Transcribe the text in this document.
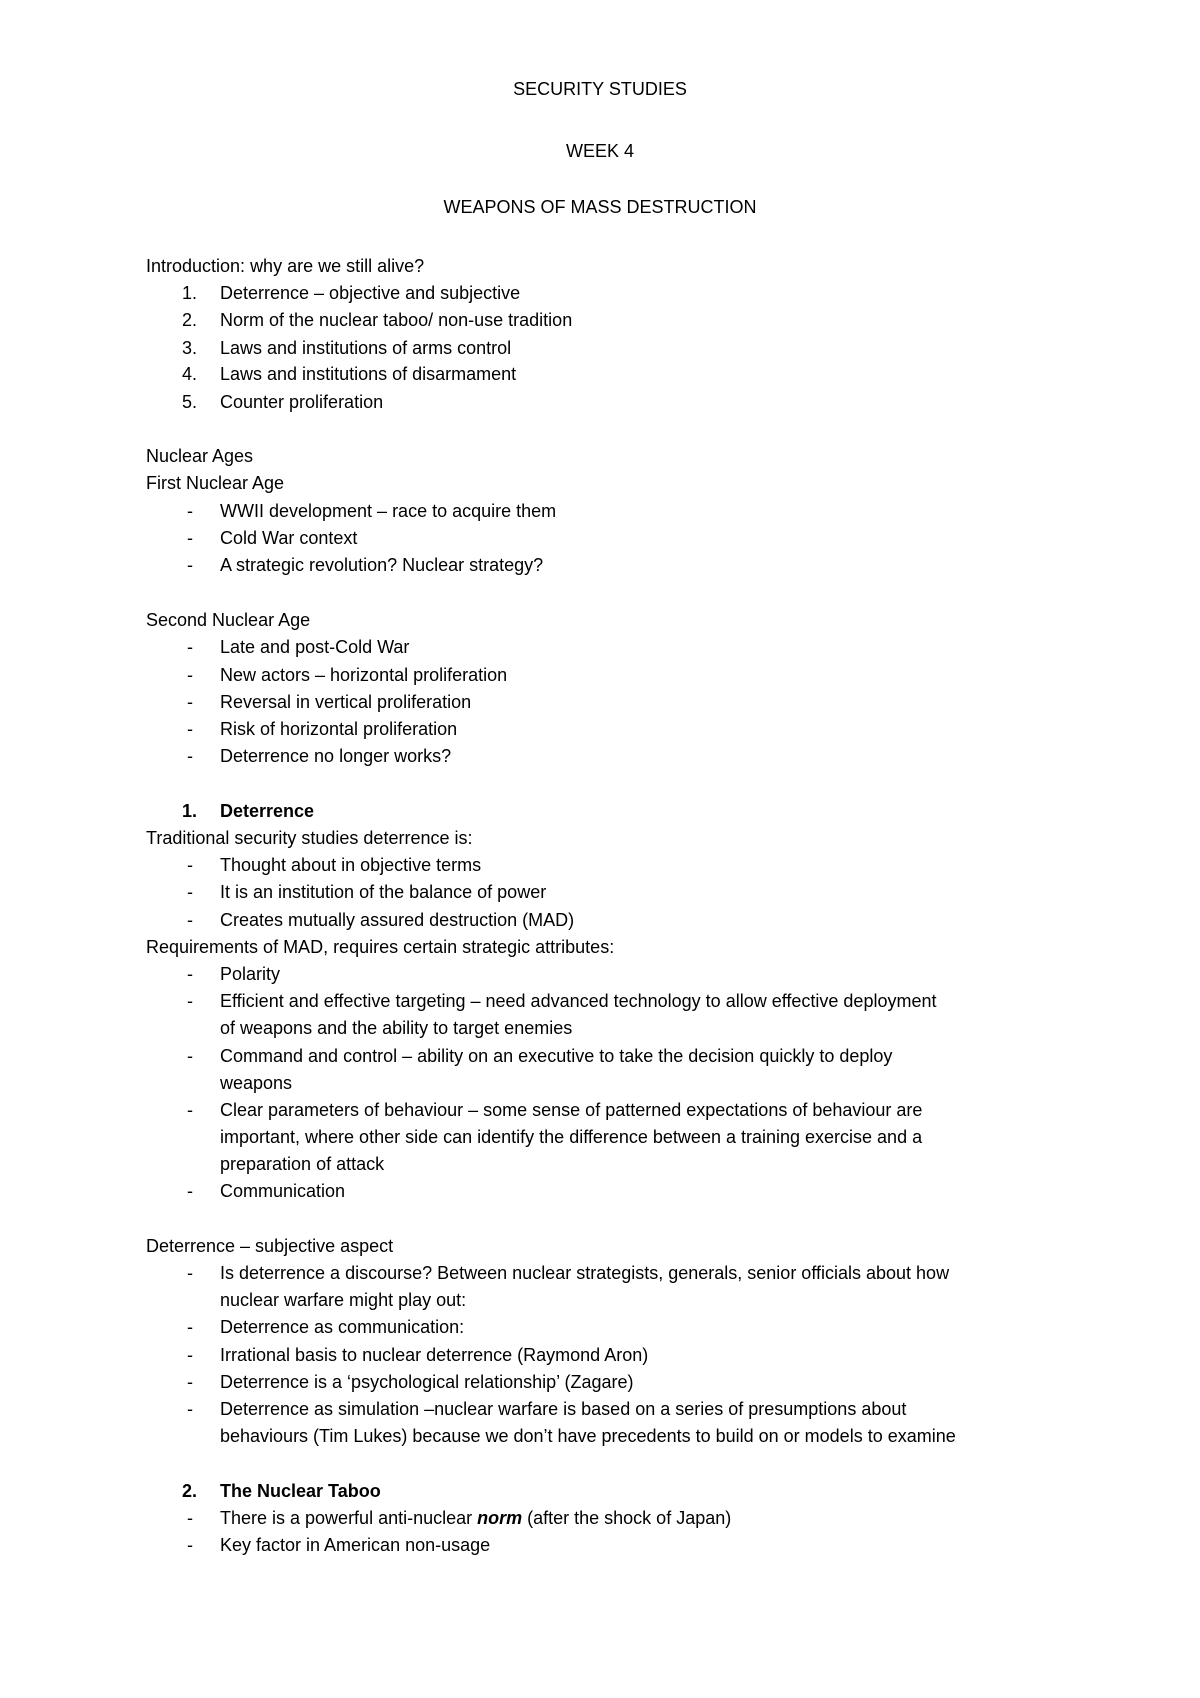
SECURITY STUDIES
WEEK 4
WEAPONS OF MASS DESTRUCTION
Introduction: why are we still alive?
1.	Deterrence – objective and subjective
2.	Norm of the nuclear taboo/ non-use tradition
3.	Laws and institutions of arms control
4.	Laws and institutions of disarmament
5.	Counter proliferation
Nuclear Ages
First Nuclear Age
-	WWII development – race to acquire them
-	Cold War context
-	A strategic revolution? Nuclear strategy?
Second Nuclear Age
-	Late and post-Cold War
-	New actors – horizontal proliferation
-	Reversal in vertical proliferation
-	Risk of horizontal proliferation
-	Deterrence no longer works?
1.	Deterrence
Traditional security studies deterrence is:
-	Thought about in objective terms
-	It is an institution of the balance of power
-	Creates mutually assured destruction (MAD)
Requirements of MAD, requires certain strategic attributes:
-	Polarity
-	Efficient and effective targeting – need advanced technology to allow effective deployment
of weapons and the ability to target enemies
-	Command and control – ability on an executive to take the decision quickly to deploy
weapons
-	Clear parameters of behaviour – some sense of patterned expectations of behaviour are
important, where other side can identify the difference between a training exercise and a
preparation of attack
-	Communication
Deterrence – subjective aspect
-	Is deterrence a discourse? Between nuclear strategists, generals, senior officials about how
nuclear warfare might play out:
-	Deterrence as communication:
-	Irrational basis to nuclear deterrence (Raymond Aron)
-	Deterrence is a ‘psychological relationship’ (Zagare)
-	Deterrence as simulation –nuclear warfare is based on a series of presumptions about
behaviours (Tim Lukes) because we don’t have precedents to build on or models to examine
2.	The Nuclear Taboo
-	There is a powerful anti-nuclear norm (after the shock of Japan)
-	Key factor in American non-usage
